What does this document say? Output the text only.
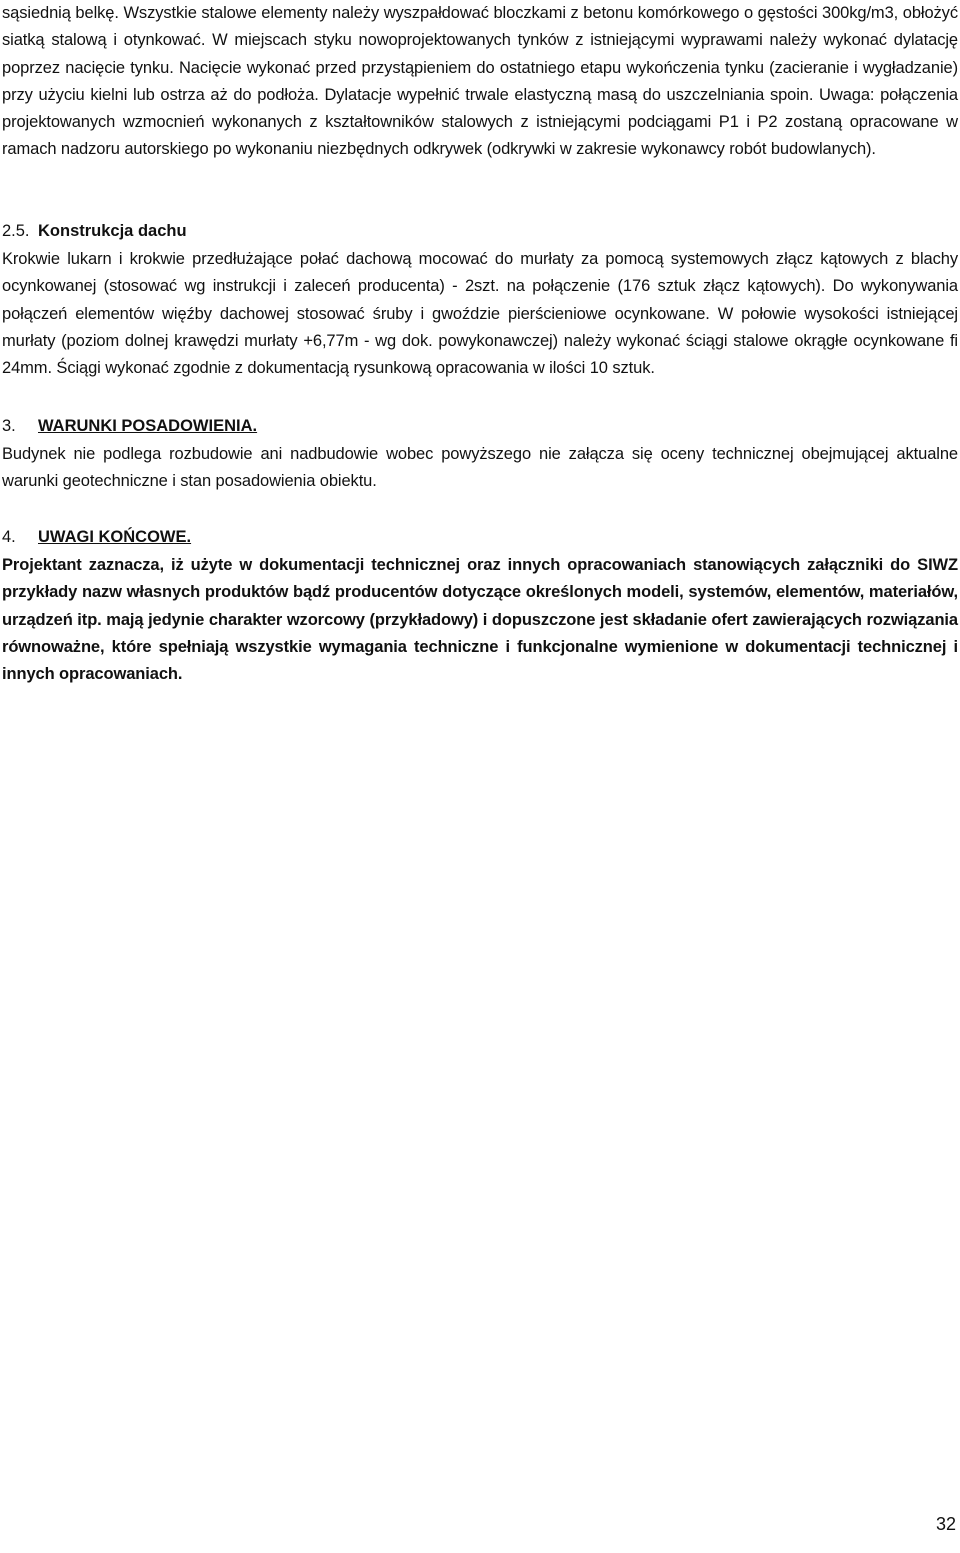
sąsiednią belkę. Wszystkie stalowe elementy należy wyszpałdować bloczkami z betonu komórkowego o gęstości 300kg/m3, obłożyć siatką stalową i otynkować. W miejscach styku nowoprojektowanych tynków z istniejącymi wyprawami należy wykonać dylatację poprzez nacięcie tynku. Nacięcie wykonać przed przystąpieniem do ostatniego etapu wykończenia tynku (zacieranie i wygładzanie) przy użyciu kielni lub ostrza aż do podłoża. Dylatacje wypełnić trwale elastyczną masą do uszczelniania spoin. Uwaga: połączenia projektowanych wzmocnień wykonanych z kształtowników stalowych z istniejącymi podciągami P1 i P2 zostaną opracowane w ramach nadzoru autorskiego po wykonaniu niezbędnych odkrywek (odkrywki w zakresie wykonawcy robót budowlanych).

2.5. Konstrukcja dachu

Krokwie lukarn i krokwie przedłużające połać dachową mocować do murłaty za pomocą systemowych złącz kątowych z blachy ocynkowanej (stosować wg instrukcji i zaleceń producenta) - 2szt. na połączenie (176 sztuk złącz kątowych). Do wykonywania połączeń elementów więźby dachowej stosować śruby i gwoździe pierścieniowe ocynkowane. W połowie wysokości istniejącej murłaty (poziom dolnej krawędzi murłaty +6,77m - wg dok. powykonawczej) należy wykonać ściągi stalowe okrągłe ocynkowane fi 24mm. Ściągi wykonać zgodnie z dokumentacją rysunkową opracowania w ilości 10 sztuk.

3. WARUNKI POSADOWIENIA.

Budynek nie podlega rozbudowie ani nadbudowie wobec powyższego nie załącza się oceny technicznej obejmującej aktualne warunki geotechniczne i stan posadowienia obiektu.

4. UWAGI KOŃCOWE.

Projektant zaznacza, iż użyte w dokumentacji technicznej oraz innych opracowaniach stanowiących załączniki do SIWZ przykłady nazw własnych produktów bądź producentów dotyczące określonych modeli, systemów, elementów, materiałów, urządzeń itp. mają jedynie charakter wzorcowy (przykładowy) i dopuszczone jest składanie ofert zawierających rozwiązania równoważne, które spełniają wszystkie wymagania techniczne i funkcjonalne wymienione w dokumentacji technicznej i innych opracowaniach.

32
